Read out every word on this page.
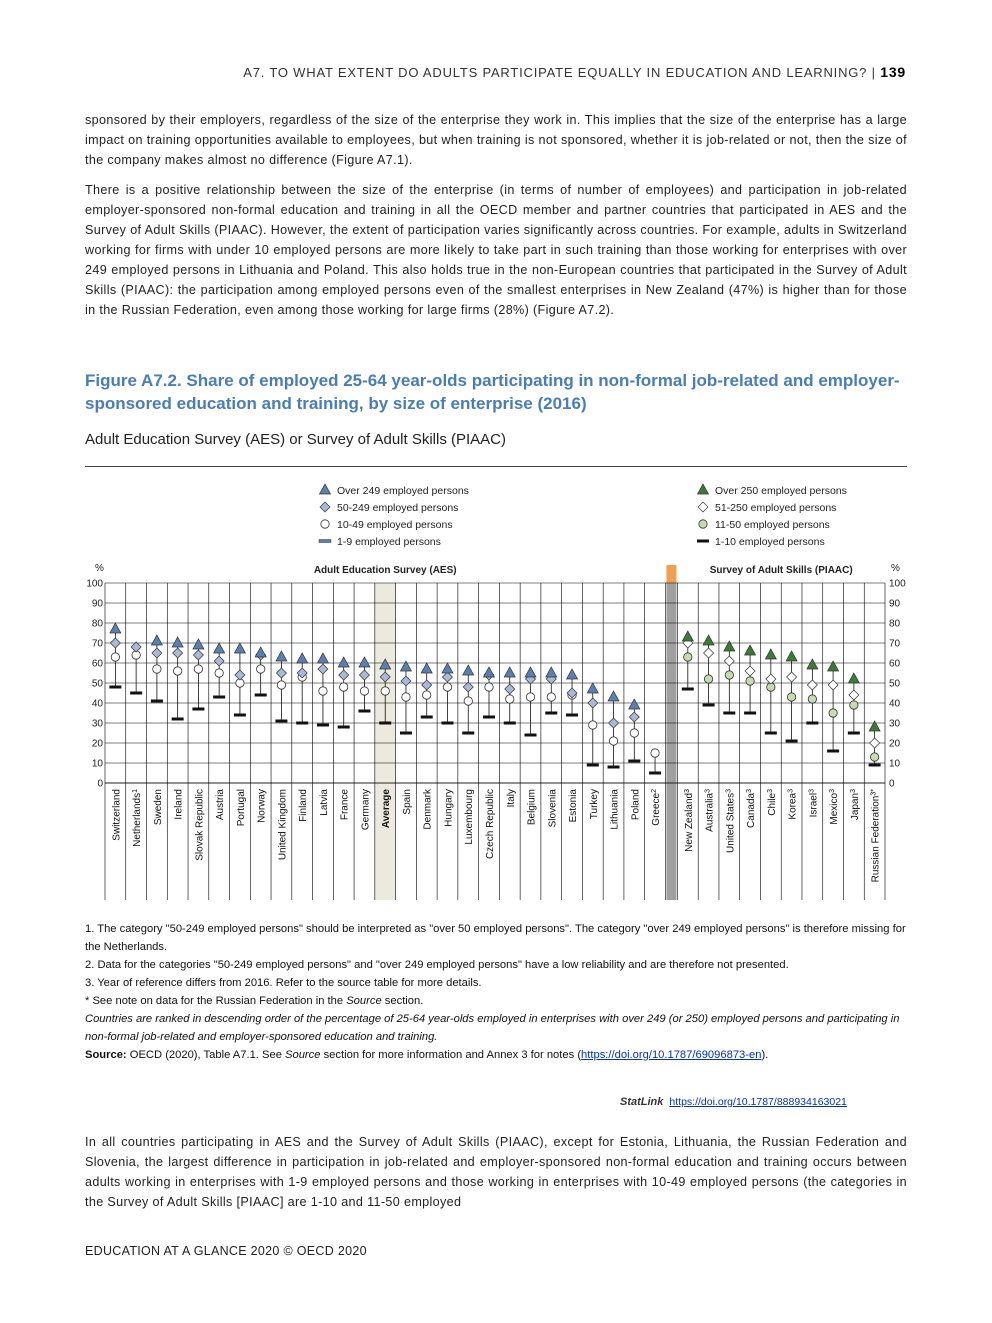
A7. TO WHAT EXTENT DO ADULTS PARTICIPATE EQUALLY IN EDUCATION AND LEARNING? | 139

sponsored by their employers, regardless of the size of the enterprise they work in. This implies that the size of the enterprise has a large impact on training opportunities available to employees, but when training is not sponsored, whether it is job-related or not, then the size of the company makes almost no difference (Figure A7.1).

There is a positive relationship between the size of the enterprise (in terms of number of employees) and participation in job-related employer-sponsored non-formal education and training in all the OECD member and partner countries that participated in AES and the Survey of Adult Skills (PIAAC). However, the extent of participation varies significantly across countries. For example, adults in Switzerland working for firms with under 10 employed persons are more likely to take part in such training than those working for enterprises with over 249 employed persons in Lithuania and Poland. This also holds true in the non-European countries that participated in the Survey of Adult Skills (PIAAC): the participation among employed persons even of the smallest enterprises in New Zealand (47%) is higher than for those in the Russian Federation, even among those working for large firms (28%) (Figure A7.2).

Figure A7.2. Share of employed 25-64 year-olds participating in non-formal job-related and employer-sponsored education and training, by size of enterprise (2016)

Adult Education Survey (AES) or Survey of Adult Skills (PIAAC)

0	0
10	10
20	20
30	30
40	40
50	50
60	60
70	70
80	80
90	90
100	100
%	%
Adult Education Survey (AES)	Survey of Adult Skills (PIAAC)
Switzerland Netherlands$^1$	Sweden Ireland Slovak Republic Austria Portugal Norway United Kingdom Finland Latvia France Germany Average Spain Denmark Hungary Luxembourg Czech Republic Italy Belgium Slovenia Estonia Turkey Lithuania Poland Greece$^2$
New Zealand$^3$
Australia$^3$
United States$^3$
Canada$^3$
Chile$^3$
Korea$^3$
Israel$^3$
Mexico$^3$
Japan$^3$
Russian Federation$^{3*}$
Over 249 employed persons
50-249 employed persons
10-49 employed persons
1-9 employed persons
Over 250 employed persons
51-250 employed persons
11-50 employed persons
1-10 employed persons
1. The category "50-249 employed persons" should be interpreted as "over 50 employed persons". The category "over 249 employed persons" is therefore missing for the Netherlands.
2. Data for the categories "50-249 employed persons" and "over 249 employed persons" have a low reliability and are therefore not presented.
3. Year of reference differs from 2016. Refer to the source table for more details.
* See note on data for the Russian Federation in the Source section.
Countries are ranked in descending order of the percentage of 25-64 year-olds employed in enterprises with over 249 (or 250) employed persons and participating in non-formal job-related and employer-sponsored education and training.
Source: OECD (2020), Table A7.1. See Source section for more information and Annex 3 for notes (https://doi.org/10.1787/69096873-en).
StatLink https://doi.org/10.1787/888934163021

In all countries participating in AES and the Survey of Adult Skills (PIAAC), except for Estonia, Lithuania, the Russian Federation and Slovenia, the largest difference in participation in job-related and employer-sponsored non-formal education and training occurs between adults working in enterprises with 1-9 employed persons and those working in enterprises with 10-49 employed persons (the categories in the Survey of Adult Skills [PIAAC] are 1-10 and 11-50 employed

EDUCATION AT A GLANCE 2020 © OECD 2020
